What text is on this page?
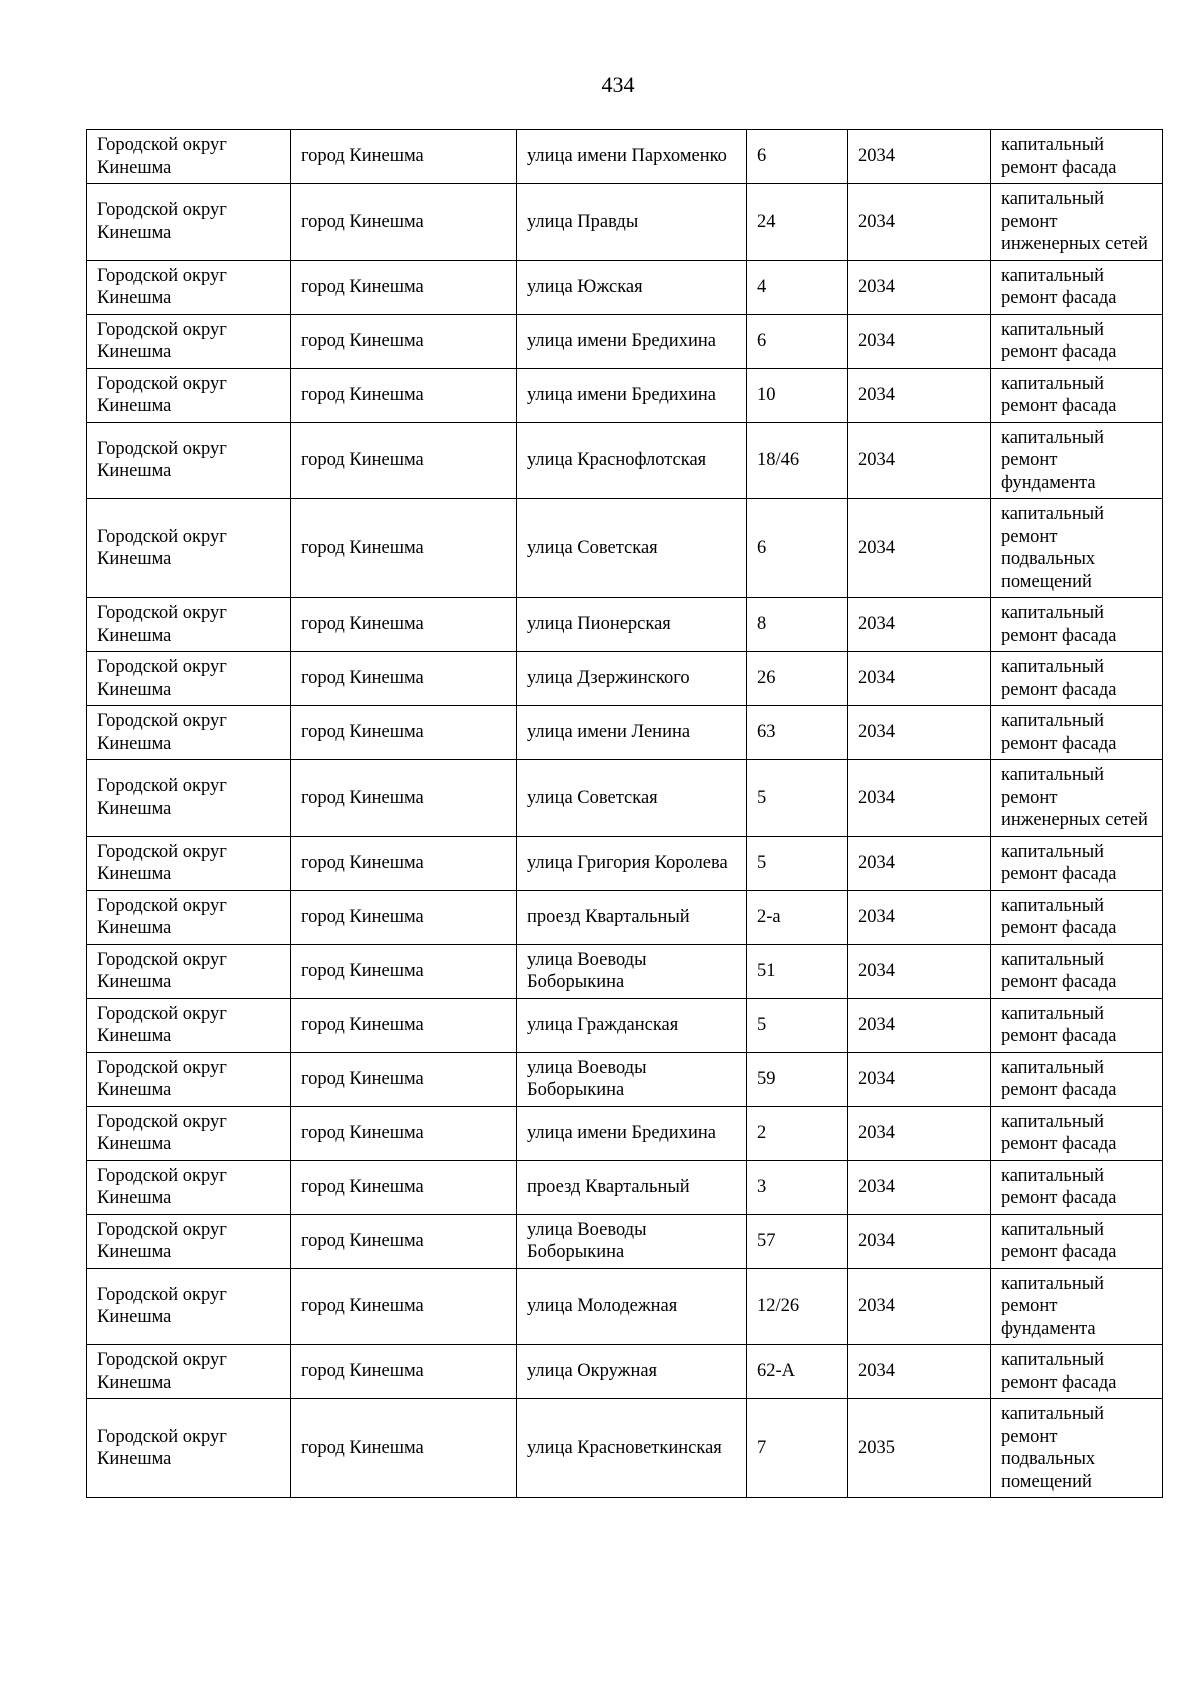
434
Городской округ Кинешма	город Кинешма	улица имени Пархоменко	6	2034	капитальный ремонт фасада
Городской округ Кинешма	город Кинешма	улица Правды	24	2034	капитальный ремонт инженерных сетей
Городской округ Кинешма	город Кинешма	улица Южская	4	2034	капитальный ремонт фасада
Городской округ Кинешма	город Кинешма	улица имени Бредихина	6	2034	капитальный ремонт фасада
Городской округ Кинешма	город Кинешма	улица имени Бредихина	10	2034	капитальный ремонт фасада
Городской округ Кинешма	город Кинешма	улица Краснофлотская	18/46	2034	капитальный ремонт фундамента
Городской округ Кинешма	город Кинешма	улица Советская	6	2034	капитальный ремонт подвальных помещений
Городской округ Кинешма	город Кинешма	улица Пионерская	8	2034	капитальный ремонт фасада
Городской округ Кинешма	город Кинешма	улица Дзержинского	26	2034	капитальный ремонт фасада
Городской округ Кинешма	город Кинешма	улица имени Ленина	63	2034	капитальный ремонт фасада
Городской округ Кинешма	город Кинешма	улица Советская	5	2034	капитальный ремонт инженерных сетей
Городской округ Кинешма	город Кинешма	улица Григория Королева	5	2034	капитальный ремонт фасада
Городской округ Кинешма	город Кинешма	проезд Квартальный	2-а	2034	капитальный ремонт фасада
Городской округ Кинешма	город Кинешма	улица Воеводы Боборыкина	51	2034	капитальный ремонт фасада
Городской округ Кинешма	город Кинешма	улица Гражданская	5	2034	капитальный ремонт фасада
Городской округ Кинешма	город Кинешма	улица Воеводы Боборыкина	59	2034	капитальный ремонт фасада
Городской округ Кинешма	город Кинешма	улица имени Бредихина	2	2034	капитальный ремонт фасада
Городской округ Кинешма	город Кинешма	проезд Квартальный	3	2034	капитальный ремонт фасада
Городской округ Кинешма	город Кинешма	улица Воеводы Боборыкина	57	2034	капитальный ремонт фасада
Городской округ Кинешма	город Кинешма	улица Молодежная	12/26	2034	капитальный ремонт фундамента
Городской округ Кинешма	город Кинешма	улица Окружная	62-А	2034	капитальный ремонт фасада
Городской округ Кинешма	город Кинешма	улица Красноветкинская	7	2035	капитальный ремонт подвальных помещений
